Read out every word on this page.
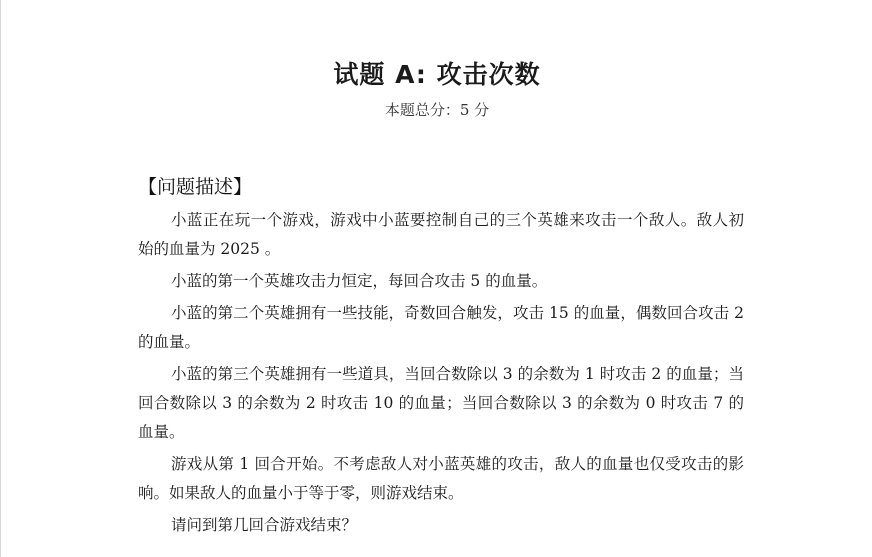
试题 A: 攻击次数
本题总分：5 分
【问题描述】

小蓝正在玩一个游戏，游戏中小蓝要控制自己的三个英雄来攻击一个敌人。敌人初始的血量为 2025 。

小蓝的第一个英雄攻击力恒定，每回合攻击 5 的血量。

小蓝的第二个英雄拥有一些技能，奇数回合触发，攻击 15 的血量，偶数回合攻击 2 的血量。

小蓝的第三个英雄拥有一些道具，当回合数除以 3 的余数为 1 时攻击 2 的血量；当回合数除以 3 的余数为 2 时攻击 10 的血量；当回合数除以 3 的余数为 0 时攻击 7 的血量。

游戏从第 1 回合开始。不考虑敌人对小蓝英雄的攻击，敌人的血量也仅受攻击的影响。如果敌人的血量小于等于零，则游戏结束。

请问到第几回合游戏结束？
